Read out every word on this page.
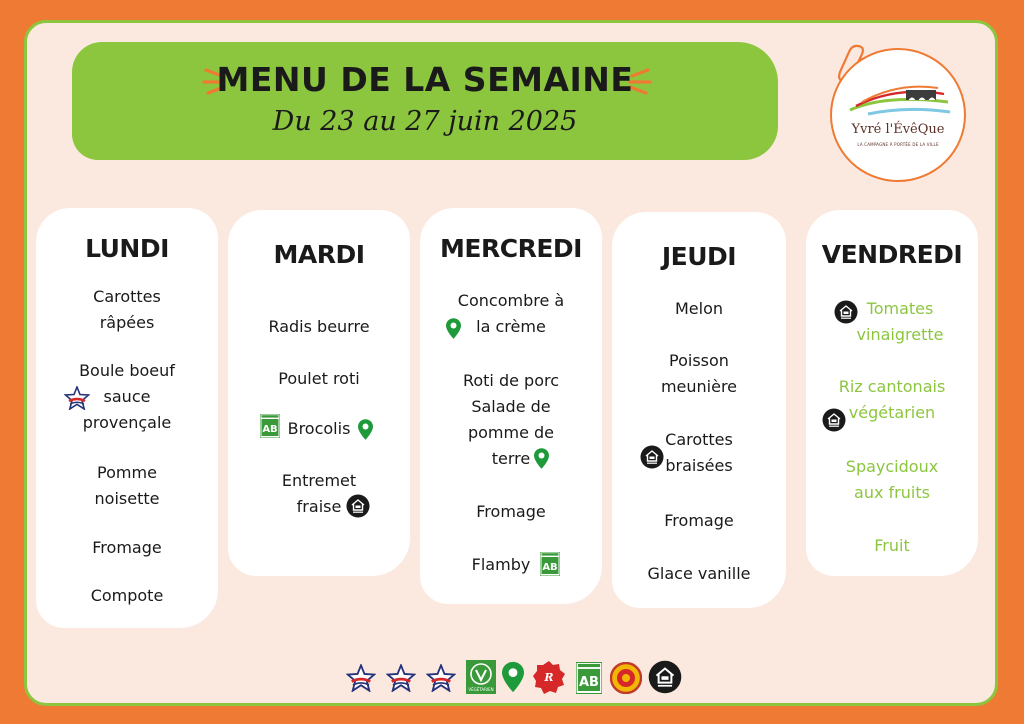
MENU DE LA SEMAINE
Du 23 au 27 juin 2025	Yvré l'ÉvêQue
LA CAMPAGNE À PORTÉE DE LA VILLE
LUNDI
Carottes
râpées
Boule boeuf
sauce
provençale
Pomme
noisette
Fromage
Compote
MARDI
Radis beurre
Poulet roti
Brocolis
Entremet
fraise
MERCREDI
Concombre à
la crème
Roti de porc
Salade de
pomme de
terre
Fromage
Flamby
JEUDI
Melon
Poisson
meunière
Carottes
braisées
Fromage
Glace vanille
VENDREDI
Tomates
vinaigrette
Riz cantonais
végétarien
Spaycidoux
aux fruits
Fruit
VÉGÉTARIEN
R
